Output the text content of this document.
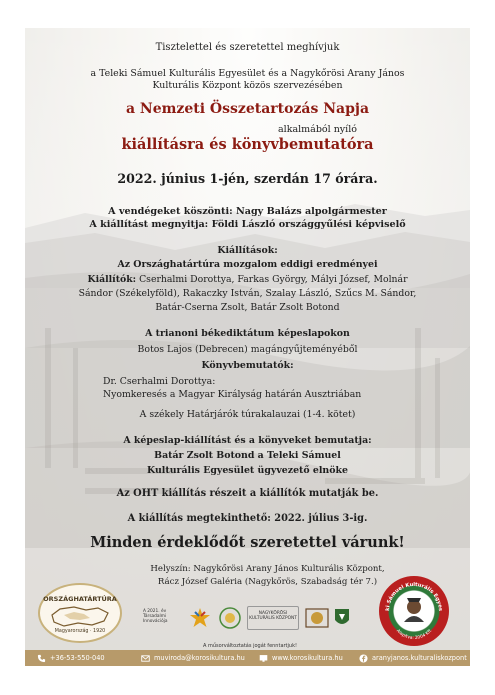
Tisztelettel és szeretettel meghívjuk
a Teleki Sámuel Kulturális Egyesület és a Nagykőrösi Arany János
Kulturális Központ közös szervezésében
a Nemzeti Összetartozás Napja
alkalmából nyíló
kiállításra és könyvbemutatóra
2022. június 1-jén, szerdán 17 órára.
A vendégeket köszönti: Nagy Balázs alpolgármester
A kiállítást megnyitja: Földi László országgyűlési képviselő
Kiállítások:
Az Országhatártúra mozgalom eddigi eredményei
Kiállítók: Cserhalmi Dorottya, Farkas György, Mályi József, Molnár
Sándor (Székelyföld), Rakaczky István, Szalay László, Szűcs M. Sándor,
Batár-Cserna Zsolt, Batár Zsolt Botond
A trianoni békediktátum képeslapokon
Botos Lajos (Debrecen) magángyűjteményéből
Könyvbemutatók:
Dr. Cserhalmi Dorottya:
Nyomkeresés a Magyar Királyság határán Ausztriában
A székely Határjárók túrakalauzai (1-4. kötet)
A képeslap-kiállítást és a könyveket bemutatja:
Batár Zsolt Botond a Teleki Sámuel
Kulturális Egyesület ügyvezető elnöke
Az OHT kiállítás részeit a kiállítók mutatják be.
A kiállítás megtekinthető: 2022. július 3-ig.
Minden érdeklődőt szeretettel várunk!
Helyszín: Nagykőrösi Arany János Kulturális Központ,
Rácz József Galéria (Nagykőrös, Szabadság tér 7.)
ORSZÁGHATÁRTÚRA
Magyarország · 1920
A 2021. év Társadalmi Innovációja
NAGYKŐRÖSI KULTURÁLIS KÖZPONT
A műsorváltoztatás jogát fenntartjuk!
ki Sámuel Kulturális Egyes
Alapítva: 2004 Kft
+36-53-550-040	muviroda@korosikultura.hu	www.korosikultura.hu	aranyjanos.kulturaliskozpont
